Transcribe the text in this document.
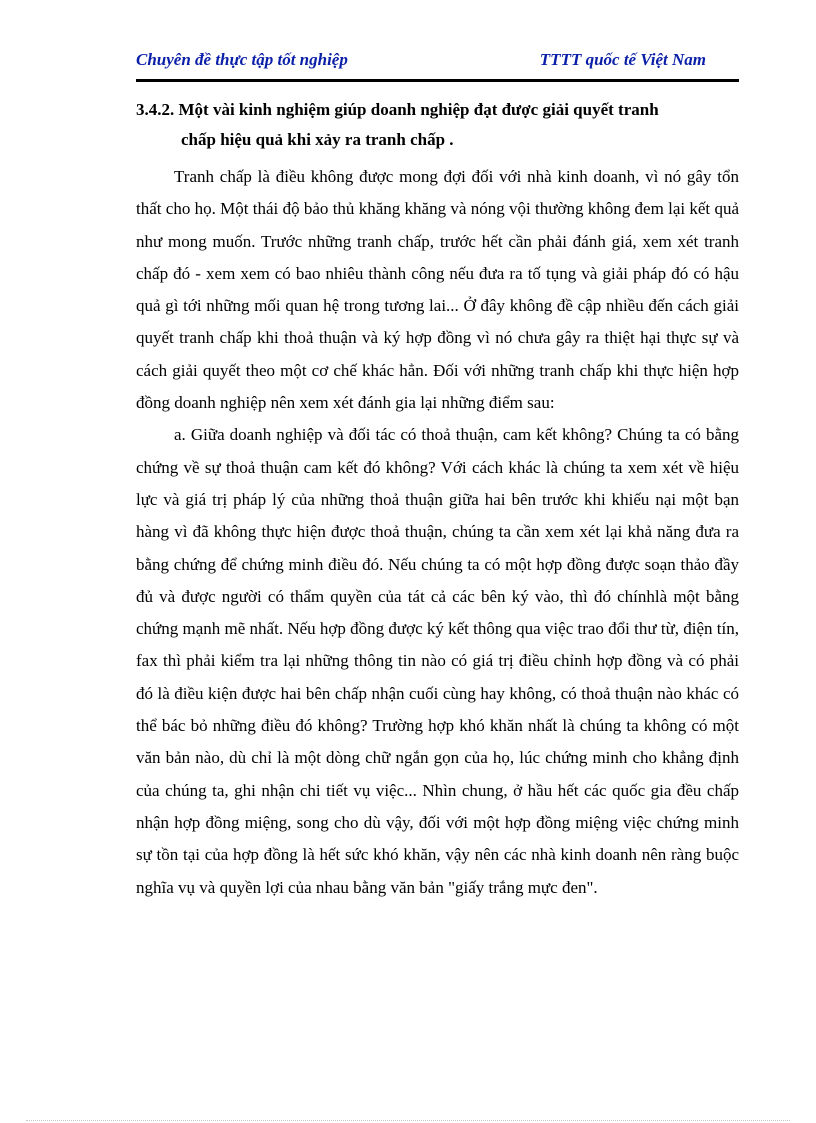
Chuyên đề thực tập tốt nghiệp	TTTT quốc tế Việt Nam
3.4.2. Một vài kinh nghiệm giúp doanh nghiệp đạt được giải quyết tranh
chấp hiệu quả khi xảy ra tranh chấp .

Tranh chấp là điều không được mong đợi đối với nhà kinh doanh, vì nó gây tổn thất cho họ. Một thái độ bảo thủ khăng khăng và nóng vội thường không đem lại kết quả như mong muốn. Trước những tranh chấp, trước hết cần phải đánh giá, xem xét tranh chấp đó - xem xem có bao nhiêu thành công nếu đưa ra tố tụng và giải pháp đó có hậu quả gì tới những mối quan hệ trong tương lai... Ở đây không đề cập nhiều đến cách giải quyết tranh chấp khi thoả thuận và ký hợp đồng vì nó chưa gây ra thiệt hại thực sự và cách giải quyết theo một cơ chế khác hẳn. Đối với những tranh chấp khi thực hiện hợp đồng doanh nghiệp nên xem xét đánh gia lại những điểm sau:

a. Giữa doanh nghiệp và đối tác có thoả thuận, cam kết không? Chúng ta có bằng chứng về sự thoả thuận cam kết đó không? Với cách khác là chúng ta xem xét về hiệu lực và giá trị pháp lý của những thoả thuận giữa hai bên trước khi khiếu nại một bạn hàng vì đã không thực hiện được thoả thuận, chúng ta cần xem xét lại khả năng đưa ra bằng chứng để chứng minh điều đó. Nếu chúng ta có một hợp đồng được soạn thảo đầy đủ và được người có thẩm quyền của tát cả các bên ký vào, thì đó chínhlà một bằng chứng mạnh mẽ nhất. Nếu hợp đồng được ký kết thông qua việc trao đổi thư từ, điện tín, fax thì phải kiểm tra lại những thông tin nào có giá trị điều chỉnh hợp đồng và có phải đó là điều kiện được hai bên chấp nhận cuối cùng hay không, có thoả thuận nào khác có thể bác bỏ những điều đó không? Trường hợp khó khăn nhất là chúng ta không có một văn bản nào, dù chỉ là một dòng chữ ngắn gọn của họ, lúc chứng minh cho khẳng định của chúng ta, ghi nhận chi tiết vụ việc... Nhìn chung, ở hầu hết các quốc gia đều chấp nhận hợp đồng miệng, song cho dù vậy, đối với một hợp đồng miệng việc chứng minh sự tồn tại của hợp đồng là hết sức khó khăn, vậy nên các nhà kinh doanh nên ràng buộc nghĩa vụ và quyền lợi của nhau bằng văn bản "giấy trắng mực đen".
